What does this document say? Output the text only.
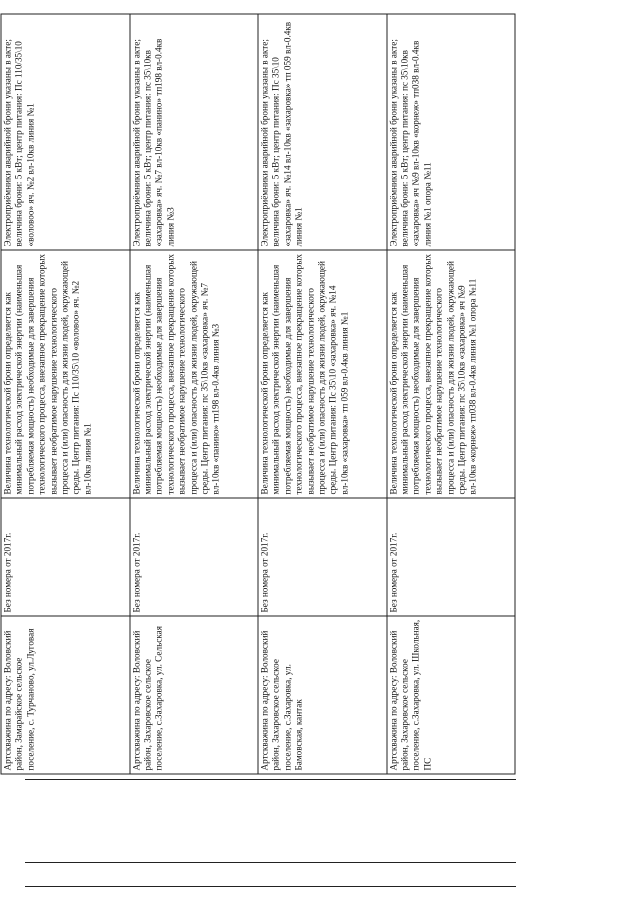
Артскважина по адресу: Воловский район, Замарайское сельское поселение, с. Турчаново, ул.Луговая	Без номера от 2017г.	Величина технологической брони определяется как минимальный расход электрической энергии (наименьшая потребляемая мощность) необходимые для завершения технологического процесса, внезапное прекращение которых вызывает необратимое нарушение технологического процесса и (или) опасность для жизни людей, окружающей среды. Центр питания: Пс 110/35\10 «воловоо» яч. №2 вл-10кв линия №1	Электроприёмники аварийной брони указаны в акте; величина брони: 5 кВт; центр питания: Пс 110/35\10 «воловоо» яч. №2 вл-10кв линия №1
Артскважина по адресу: Воловский район, Захаровское сельское поселение, с.Захаровка, ул. Сельская	Без номера от 2017г.	Величина технологической брони определяется как минимальный расход электрической энергии (наименьшая потребляемая мощность) необходимые для завершения технологического процесса, внезапное прекращение которых вызывает необратимое нарушение технологического процесса и (или) опасность для жизни людей, окружающей среды. Центр питания: пс 35\10кв «захаровка» яч. №7 вл-10кв «панино» тп198 вл-0.4кв линия №3	Электроприёмники аварийной брони указаны в акте; величина брони: 5 кВт; центр питания: пс 35\10кв «захаровка» яч. №7 вл-10кв «панино» тп198 вл-0.4кв линия №3
Артскважина по адресу: Воловский район, Захаровское сельское поселение, с.Захаровка, ул. Бамовская, кантак	Без номера от 2017г.	Величина технологической брони определяется как минимальный расход электрической энергии (наименьшая потребляемая мощность) необходимые для завершения технологического процесса, внезапное прекращение которых вызывает необратимое нарушение технологического процесса и (или) опасность для жизни людей, окружающей среды. Центр питания: Пс 35\10 «захаровка» яч. №14 вл-10кв «захаровка» тп 059 вл-0.4кв линия №1	Электроприёмники аварийной брони указаны в акте; величина брони: 5 кВт; центр питания: Пс 35\10 «захаровка» яч. №14 вл-10кв «захаровка» тп 059 вл-0.4кв линия №1
Артскважина по адресу: Воловский район, Захаровское сельское поселение, с.Захаровка, ул. Школьная, ПС	Без номера от 2017г.	Величина технологической брони определяется как минимальный расход электрической энергии (наименьшая потребляемая мощность) необходимые для завершения технологического процесса, внезапное прекращение которых вызывает необратимое нарушение технологического процесса и (или) опасность для жизни людей, окружающей среды. Центр питания: пс 35\10кв «захаровка» яч №9 вл-10кв «корнеж» тп038 вл-0.4кв линия №1 опора №11	Электроприёмники аварийной брони указаны в акте; величина брони: 5 кВт; центр питания: пс 35\10кв «захаровка» яч №9 вл-10кв «корнеж» тп038 вл-0.4кв линия №1 опора №11
